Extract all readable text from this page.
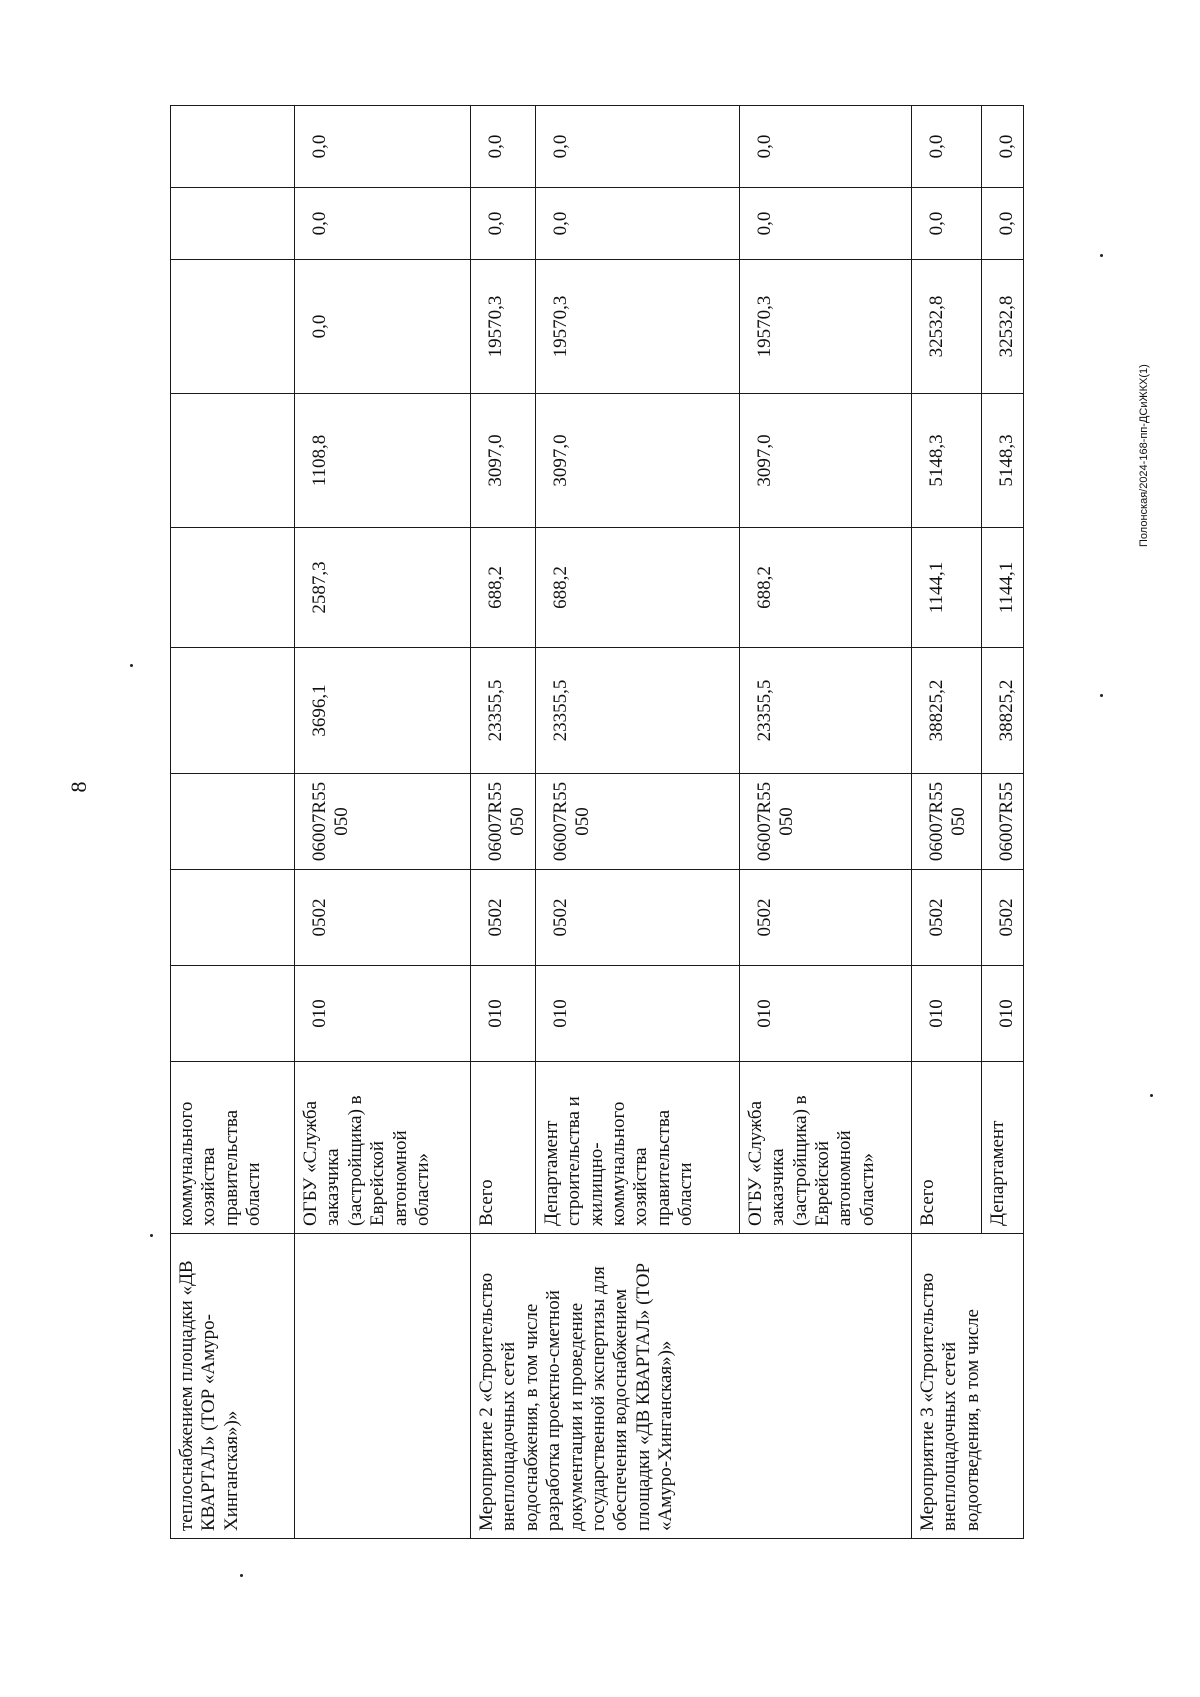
8
теплоснабжением площадки «ДВ КВАРТАЛ» (ТОР «Амуро-Хинганская»)»	коммунального хозяйства правительства области									
	ОГБУ «Служба заказчика (застройщика) в Еврейской автономной области»	010	0502	06007R55 050	3696,1	2587,3	1108,8	0,0	0,0	0,0
Мероприятие 2 «Строительство внеплощадочных сетей водоснабжения, в том числе разработка проектно-сметной документации и проведение государственной экспертизы для обеспечения водоснабжением площадки «ДВ КВАРТАЛ» (ТОР «Амуро-Хинганская»)»	Всего	010	0502	06007R55 050	23355,5	688,2	3097,0	19570,3	0,0	0,0
	Департамент строительства и жилищно-коммунального хозяйства правительства области	010	0502	06007R55 050	23355,5	688,2	3097,0	19570,3	0,0	0,0
	ОГБУ «Служба заказчика (застройщика) в Еврейской автономной области»	010	0502	06007R55 050	23355,5	688,2	3097,0	19570,3	0,0	0,0
Мероприятие 3 «Строительство внеплощадочных сетей водоотведения, в том числе	Всего	010	0502	06007R55 050	38825,2	1144,1	5148,3	32532,8	0,0	0,0
	Департамент	010	0502	06007R55	38825,2	1144,1	5148,3	32532,8	0,0	0,0
Полонская/2024-168-пп-ДСиЖКХ(1)
